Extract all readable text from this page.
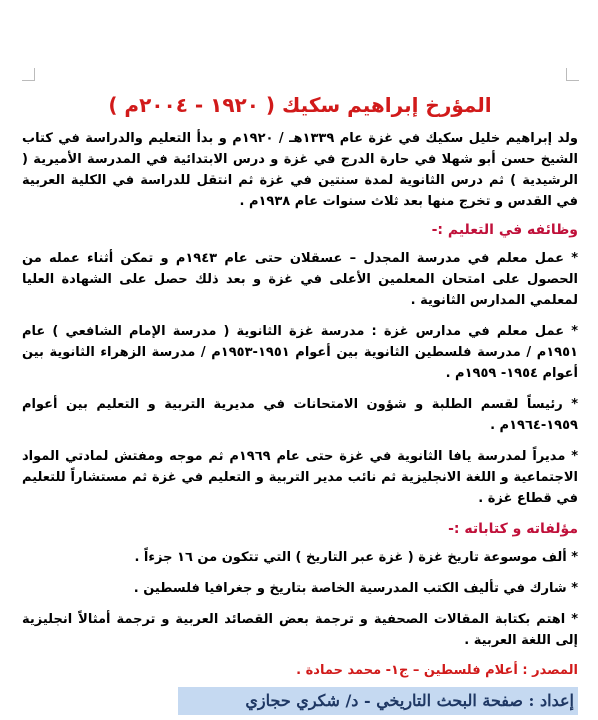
المؤرخ إبراهيم سكيك ( ١٩٢٠ - ٢٠٠٤م )

ولد إبراهيم خليل سكيك في غزة عام ١٣٣٩هـ / ١٩٢٠م و بدأ التعليم والدراسة في كتاب الشيخ حسن أبو شهلا في حارة الدرج في غزة و درس الابتدائية في المدرسة الأميرية ( الرشيدية ) ثم درس الثانوية لمدة سنتين في غزة ثم انتقل للدراسة في الكلية العربية في القدس و تخرج منها بعد ثلاث سنوات عام ١٩٣٨م .

وظائفه في التعليم :-

* عمل معلم في مدرسة المجدل – عسقلان حتى عام ١٩٤٣م و تمكن أثناء عمله من الحصول على امتحان المعلمين الأعلى في غزة و بعد ذلك حصل على الشهادة العليا لمعلمي المدارس الثانوية .

* عمل معلم في مدارس غزة : مدرسة غزة الثانوية ( مدرسة الإمام الشافعي ) عام ١٩٥١م / مدرسة فلسطين الثانوية بين أعوام ١٩٥١-١٩٥٣م / مدرسة الزهراء الثانوية بين أعوام ١٩٥٤- ١٩٥٩م .

* رئيساً لقسم الطلبة و شؤون الامتحانات في مديرية التربية و التعليم بين أعوام ١٩٥٩-١٩٦٤م .

* مديراً لمدرسة يافا الثانوية في غزة حتى عام ١٩٦٩م ثم موجه ومفتش لمادتي المواد الاجتماعية و اللغة الانجليزية ثم نائب مدير التربية و التعليم في غزة ثم مستشاراً للتعليم في قطاع غزة .

مؤلفاته و كتاباته :-

* ألف موسوعة تاريخ غزة ( غزة عبر التاريخ ) التي تتكون من ١٦ جزءاً .

* شارك في تأليف الكتب المدرسية الخاصة بتاريخ و جغرافيا فلسطين .

* اهتم بكتابة المقالات الصحفية و ترجمة بعض القصائد العربية و ترجمة أمثالاً انجليزية إلى اللغة العربية .

المصدر : أعلام فلسطين – ج١- محمد حمادة .
إعداد : صفحة البحث التاريخي - د/ شكري حجازي
